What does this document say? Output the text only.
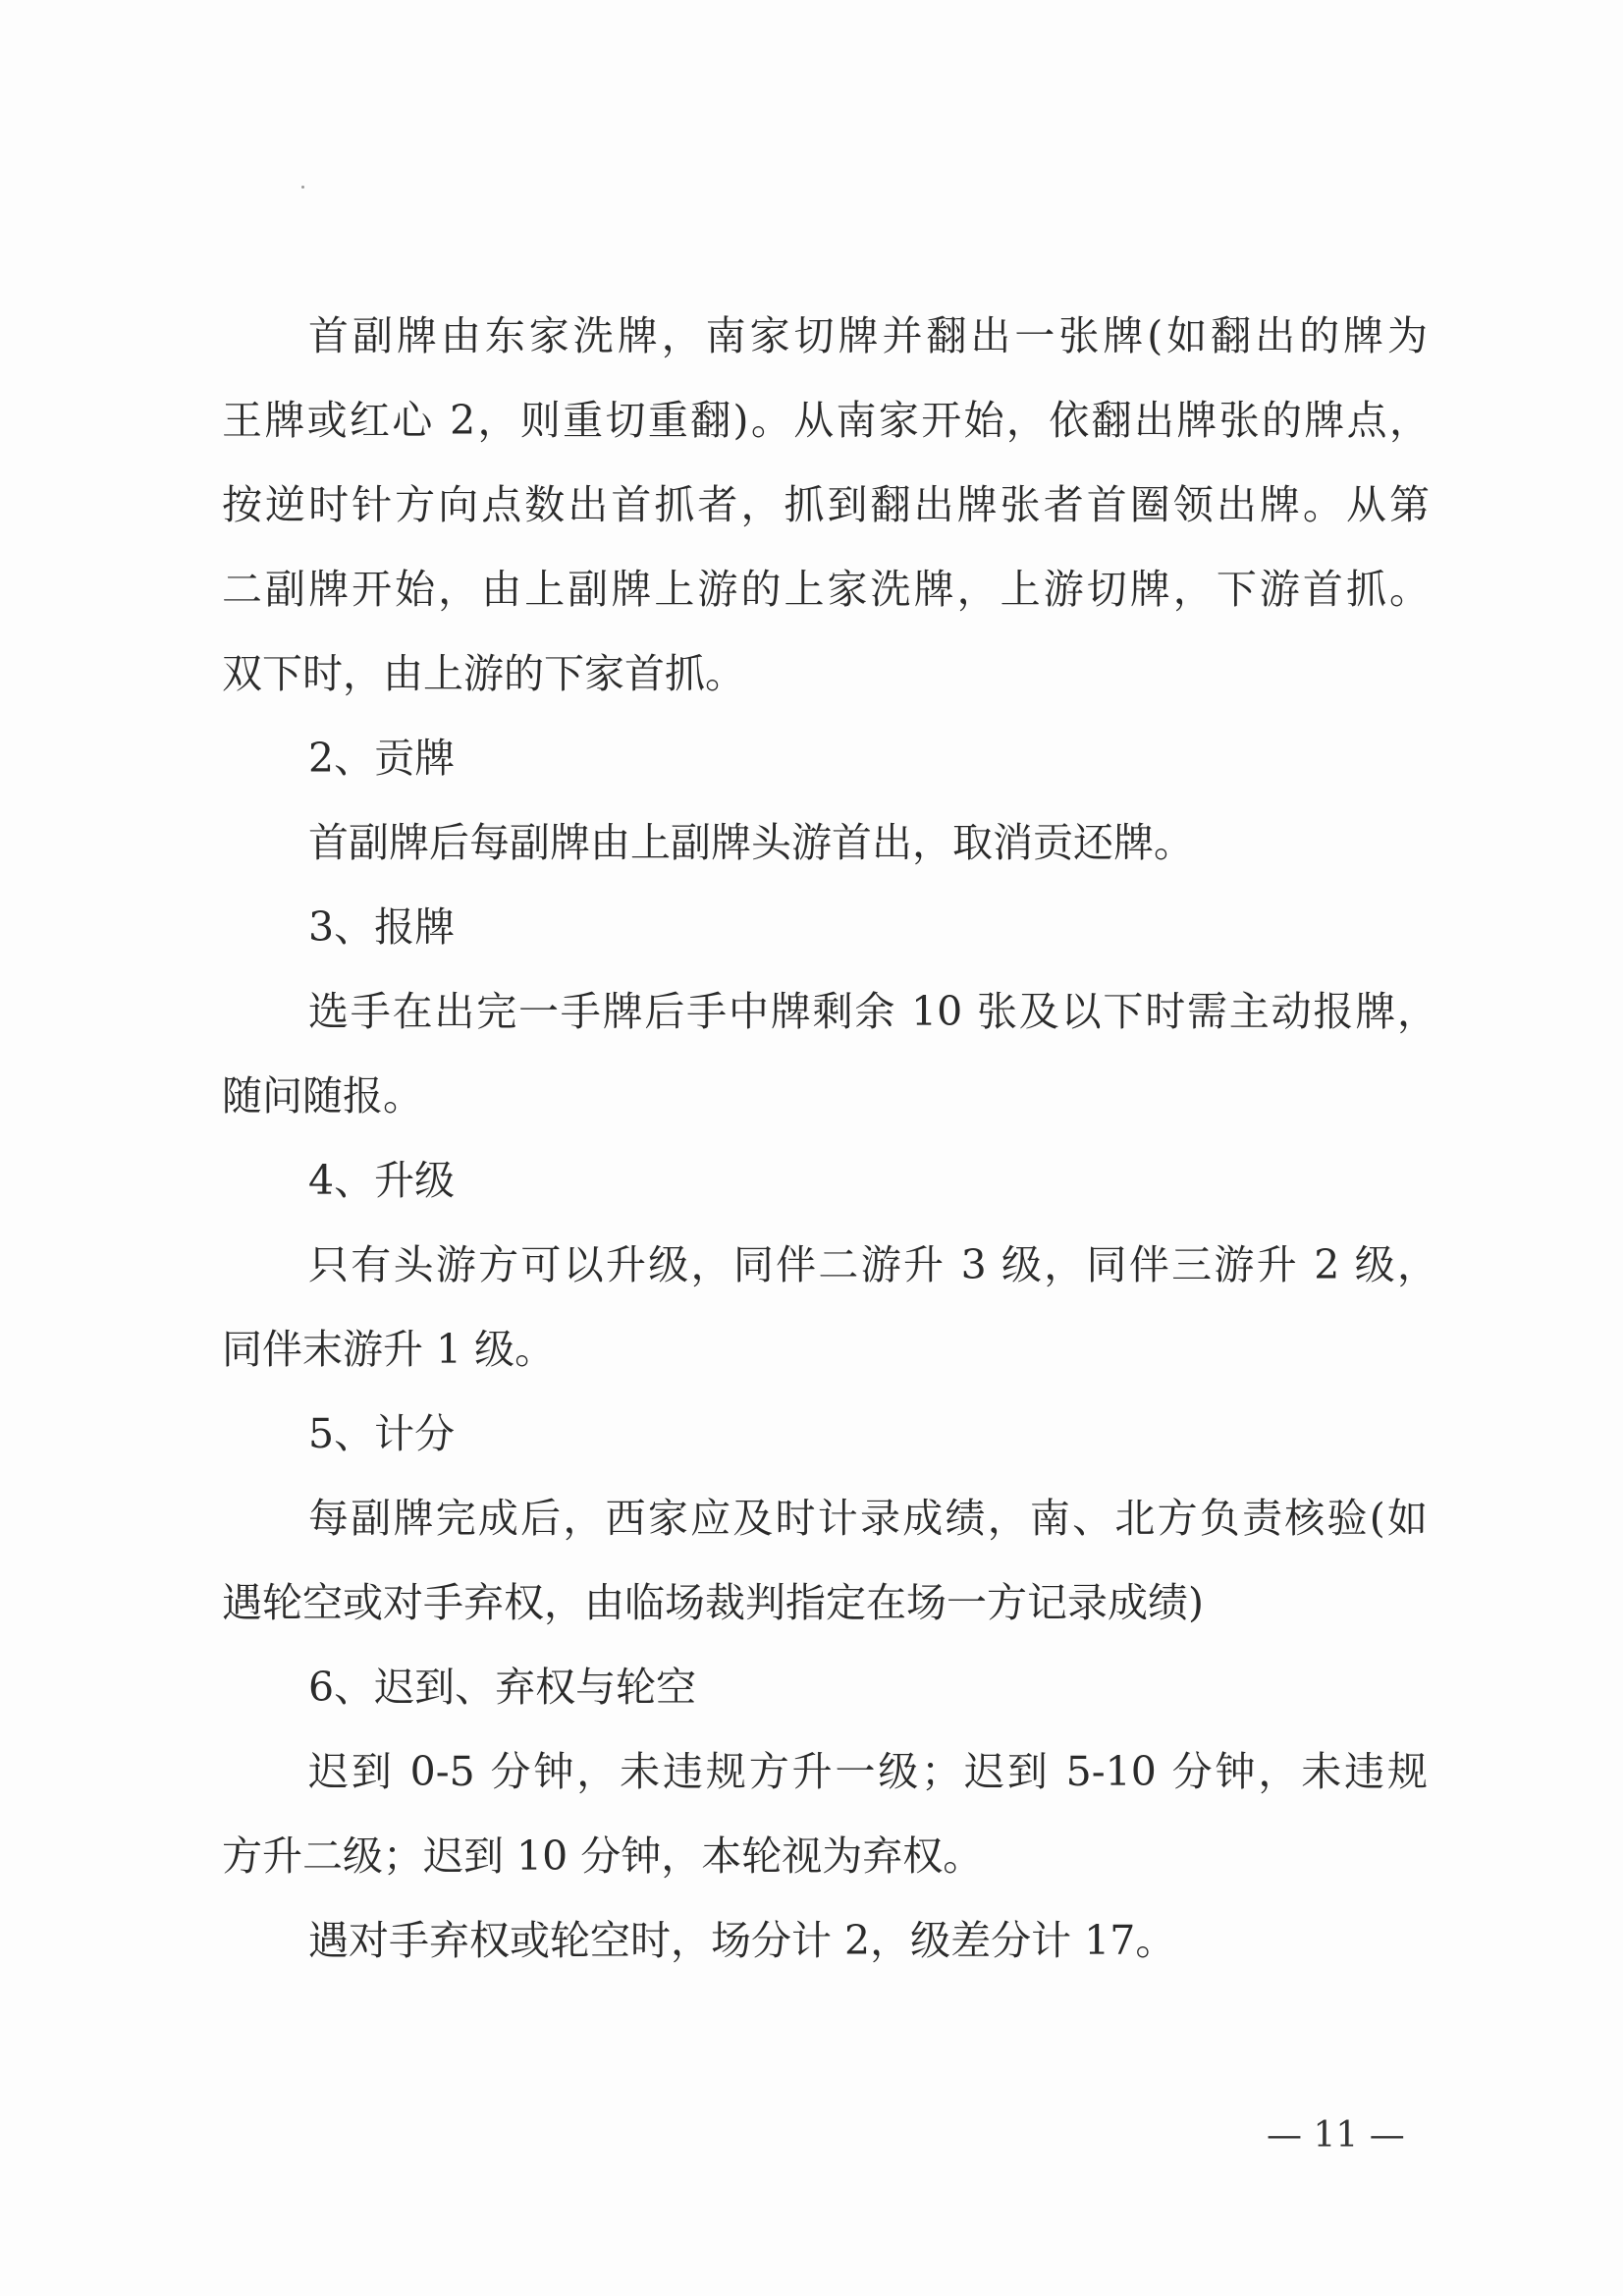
首副牌由东家洗牌，南家切牌并翻出一张牌(如翻出的牌为
王牌或红心 2，则重切重翻)。从南家开始，依翻出牌张的牌点，
按逆时针方向点数出首抓者，抓到翻出牌张者首圈领出牌。从第
二副牌开始，由上副牌上游的上家洗牌，上游切牌，下游首抓。
双下时，由上游的下家首抓。
2、贡牌
首副牌后每副牌由上副牌头游首出，取消贡还牌。
3、报牌
选手在出完一手牌后手中牌剩余 10 张及以下时需主动报牌，
随问随报。
4、升级
只有头游方可以升级，同伴二游升 3 级，同伴三游升 2 级，
同伴末游升 1 级。
5、计分
每副牌完成后，西家应及时计录成绩，南、北方负责核验(如
遇轮空或对手弃权，由临场裁判指定在场一方记录成绩)
6、迟到、弃权与轮空
迟到 0-5 分钟，未违规方升一级；迟到 5-10 分钟，未违规
方升二级；迟到 10 分钟，本轮视为弃权。
遇对手弃权或轮空时，场分计 2，级差分计 17。
— 11 —
